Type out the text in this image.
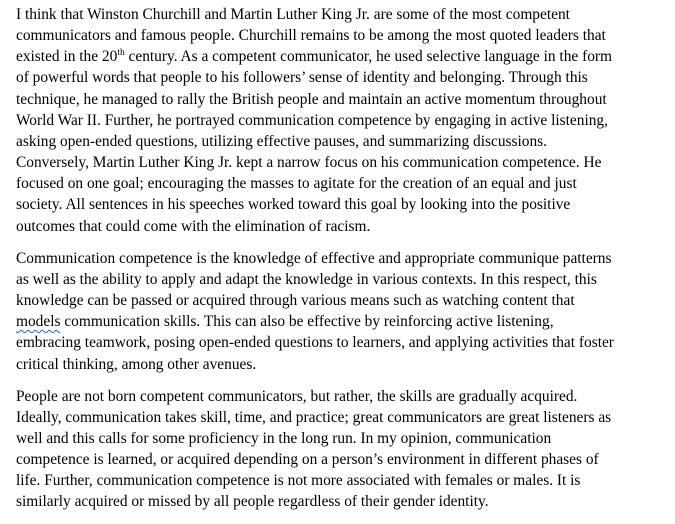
I think that Winston Churchill and Martin Luther King Jr. are some of the most competent
communicators and famous people. Churchill remains to be among the most quoted leaders that
existed in the 20th century. As a competent communicator, he used selective language in the form
of powerful words that people to his followers’ sense of identity and belonging. Through this
technique, he managed to rally the British people and maintain an active momentum throughout
World War II. Further, he portrayed communication competence by engaging in active listening,
asking open-ended questions, utilizing effective pauses, and summarizing discussions.
Conversely, Martin Luther King Jr. kept a narrow focus on his communication competence. He
focused on one goal; encouraging the masses to agitate for the creation of an equal and just
society. All sentences in his speeches worked toward this goal by looking into the positive
outcomes that could come with the elimination of racism.

Communication competence is the knowledge of effective and appropriate communique patterns
as well as the ability to apply and adapt the knowledge in various contexts. In this respect, this
knowledge can be passed or acquired through various means such as watching content that
models communication skills. This can also be effective by reinforcing active listening,
embracing teamwork, posing open-ended questions to learners, and applying activities that foster
critical thinking, among other avenues.

People are not born competent communicators, but rather, the skills are gradually acquired.
Ideally, communication takes skill, time, and practice; great communicators are great listeners as
well and this calls for some proficiency in the long run. In my opinion, communication
competence is learned, or acquired depending on a person’s environment in different phases of
life. Further, communication competence is not more associated with females or males. It is
similarly acquired or missed by all people regardless of their gender identity.
